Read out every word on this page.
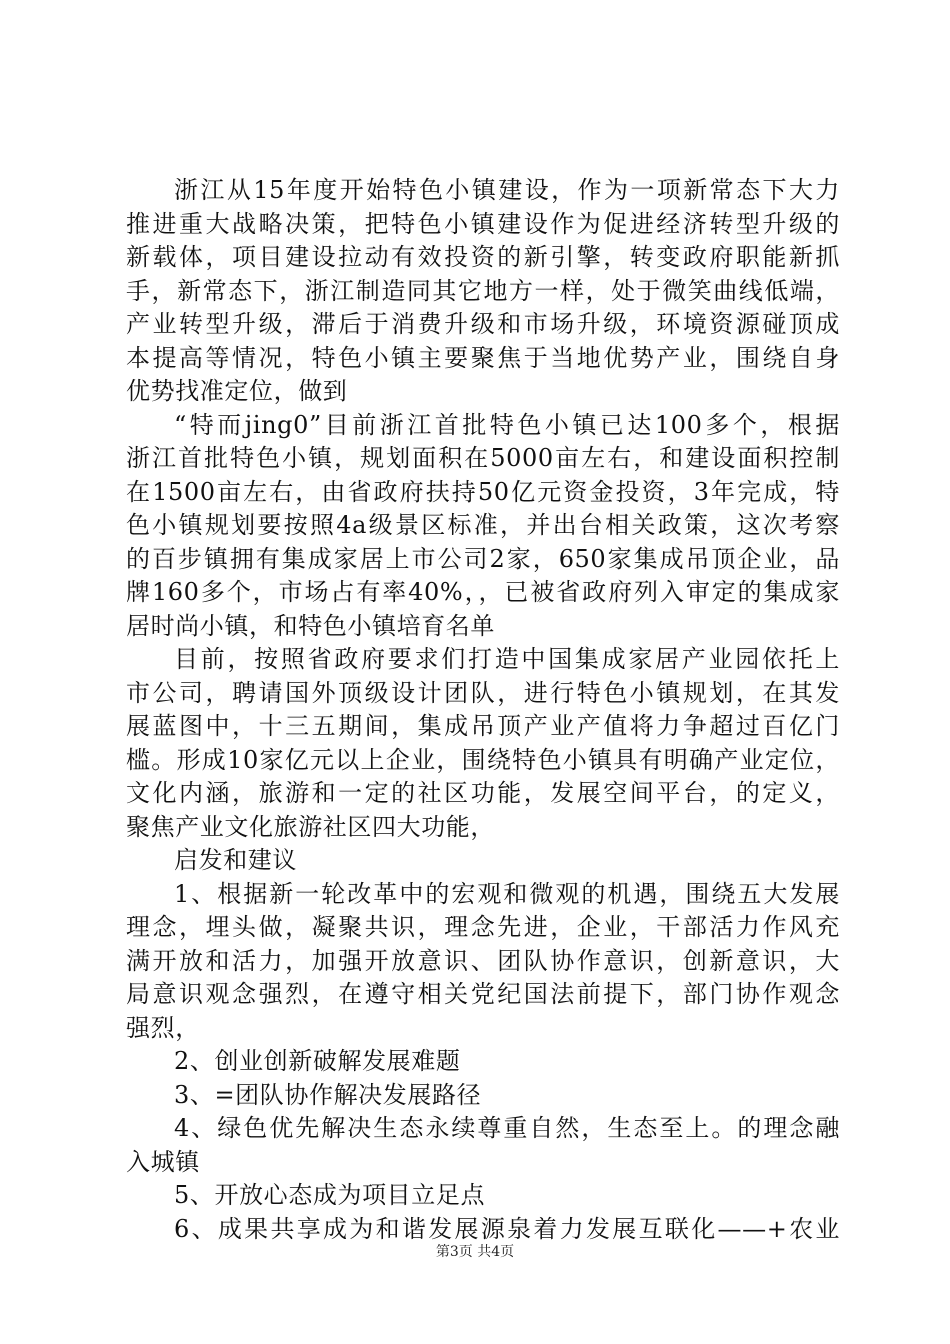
浙江从15年度开始特色小镇建设，作为一项新常态下大力
推进重大战略决策，把特色小镇建设作为促进经济转型升级的
新载体，项目建设拉动有效投资的新引擎，转变政府职能新抓
手，新常态下，浙江制造同其它地方一样，处于微笑曲线低端，
产业转型升级，滞后于消费升级和市场升级，环境资源碰顶成
本提高等情况，特色小镇主要聚焦于当地优势产业，围绕自身
优势找准定位，做到
“特而jing0”目前浙江首批特色小镇已达100多个，根据
浙江首批特色小镇，规划面积在5000亩左右，和建设面积控制
在1500亩左右，由省政府扶持50亿元资金投资，3年完成，特
色小镇规划要按照4a级景区标准，并出台相关政策，这次考察
的百步镇拥有集成家居上市公司2家，650家集成吊顶企业，品
牌160多个，市场占有率40%，，已被省政府列入审定的集成家
居时尚小镇，和特色小镇培育名单
目前，按照省政府要求们打造中国集成家居产业园依托上
市公司，聘请国外顶级设计团队，进行特色小镇规划，在其发
展蓝图中，十三五期间，集成吊顶产业产值将力争超过百亿门
槛。形成10家亿元以上企业，围绕特色小镇具有明确产业定位，
文化内涵，旅游和一定的社区功能，发展空间平台，的定义，
聚焦产业文化旅游社区四大功能，
启发和建议
1、根据新一轮改革中的宏观和微观的机遇，围绕五大发展
理念，埋头做，凝聚共识，理念先进，企业，干部活力作风充
满开放和活力，加强开放意识、团队协作意识，创新意识，大
局意识观念强烈，在遵守相关党纪国法前提下，部门协作观念
强烈，
2、创业创新破解发展难题
3、=团队协作解决发展路径
4、绿色优先解决生态永续尊重自然，生态至上。的理念融
入城镇
5、开放心态成为项目立足点
6、成果共享成为和谐发展源泉着力发展互联化——+农业
第3页 共4页
